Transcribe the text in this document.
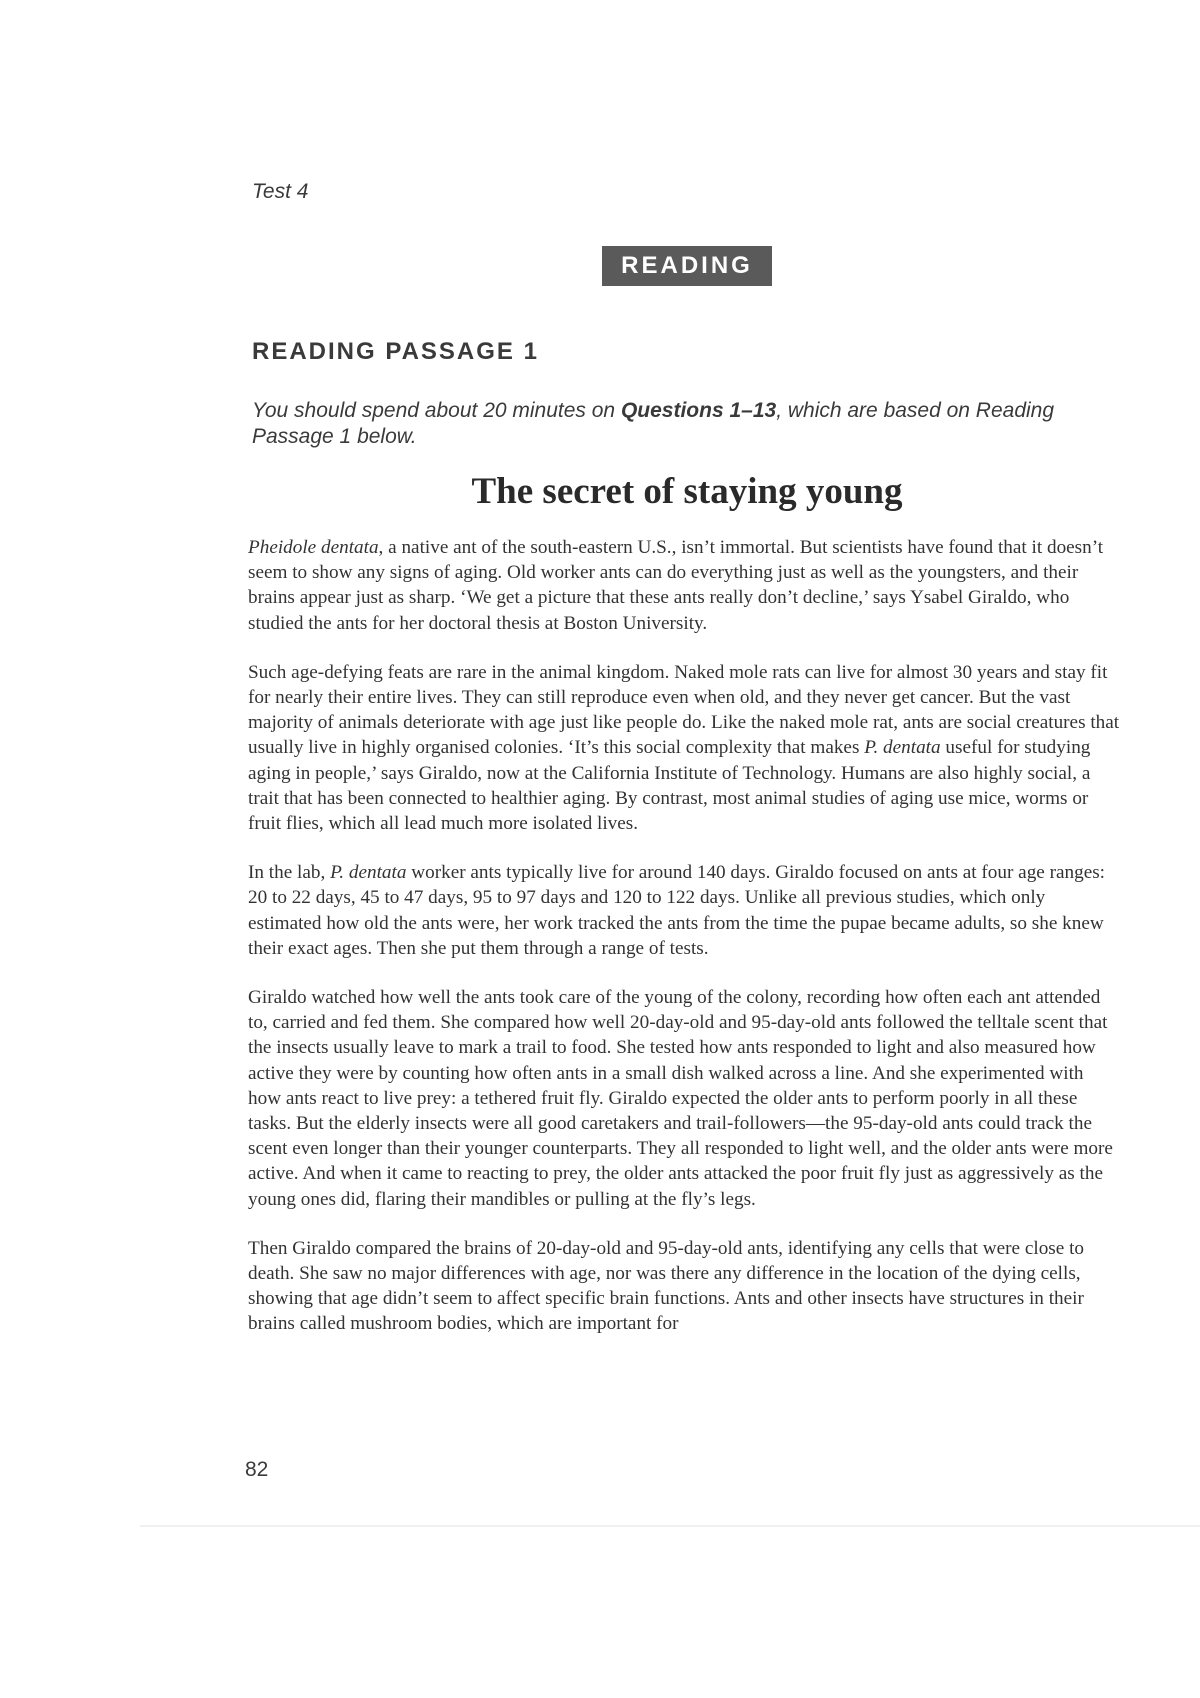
Test 4
READING
READING PASSAGE 1
You should spend about 20 minutes on Questions 1–13, which are based on Reading Passage 1 below.
The secret of staying young

Pheidole dentata, a native ant of the south-eastern U.S., isn’t immortal. But scientists have found that it doesn’t seem to show any signs of aging. Old worker ants can do everything just as well as the youngsters, and their brains appear just as sharp. ‘We get a picture that these ants really don’t decline,’ says Ysabel Giraldo, who studied the ants for her doctoral thesis at Boston University.

Such age-defying feats are rare in the animal kingdom. Naked mole rats can live for almost 30 years and stay fit for nearly their entire lives. They can still reproduce even when old, and they never get cancer. But the vast majority of animals deteriorate with age just like people do. Like the naked mole rat, ants are social creatures that usually live in highly organised colonies. ‘It’s this social complexity that makes P. dentata useful for studying aging in people,’ says Giraldo, now at the California Institute of Technology. Humans are also highly social, a trait that has been connected to healthier aging. By contrast, most animal studies of aging use mice, worms or fruit flies, which all lead much more isolated lives.

In the lab, P. dentata worker ants typically live for around 140 days. Giraldo focused on ants at four age ranges: 20 to 22 days, 45 to 47 days, 95 to 97 days and 120 to 122 days. Unlike all previous studies, which only estimated how old the ants were, her work tracked the ants from the time the pupae became adults, so she knew their exact ages. Then she put them through a range of tests.

Giraldo watched how well the ants took care of the young of the colony, recording how often each ant attended to, carried and fed them. She compared how well 20-day-old and 95-day-old ants followed the telltale scent that the insects usually leave to mark a trail to food. She tested how ants responded to light and also measured how active they were by counting how often ants in a small dish walked across a line. And she experimented with how ants react to live prey: a tethered fruit fly. Giraldo expected the older ants to perform poorly in all these tasks. But the elderly insects were all good caretakers and trail-followers—the 95-day-old ants could track the scent even longer than their younger counterparts. They all responded to light well, and the older ants were more active. And when it came to reacting to prey, the older ants attacked the poor fruit fly just as aggressively as the young ones did, flaring their mandibles or pulling at the fly’s legs.

Then Giraldo compared the brains of 20-day-old and 95-day-old ants, identifying any cells that were close to death. She saw no major differences with age, nor was there any difference in the location of the dying cells, showing that age didn’t seem to affect specific brain functions. Ants and other insects have structures in their brains called mushroom bodies, which are important for

82
